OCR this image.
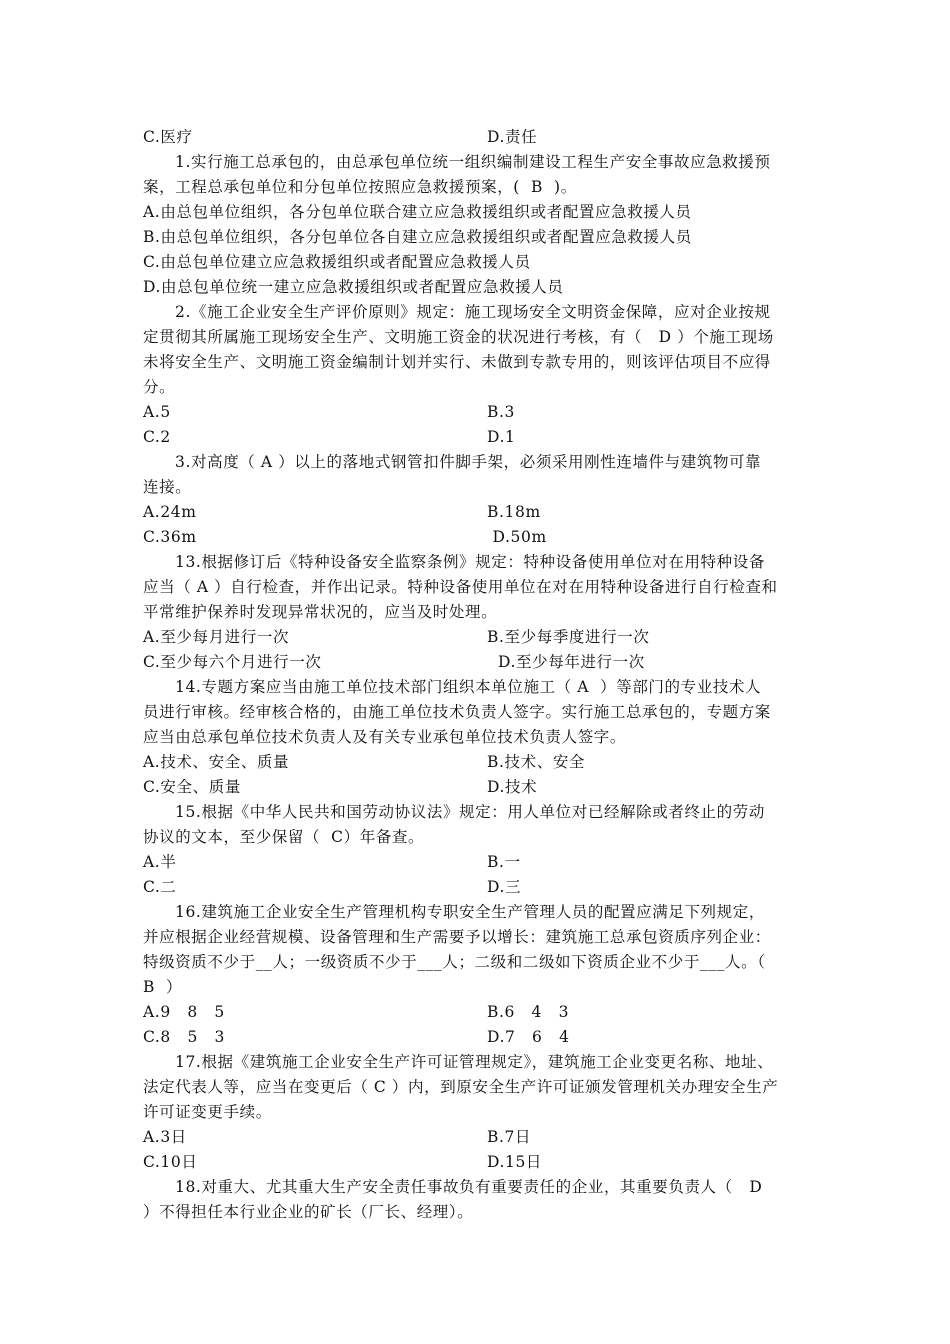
C.医疗	D.责任
1.实行施工总承包的，由总承包单位统一组织编制建设工程生产安全事故应急救援预
案，工程总承包单位和分包单位按照应急救援预案，(  B  )。
A.由总包单位组织，各分包单位联合建立应急救援组织或者配置应急救援人员
B.由总包单位组织，各分包单位各自建立应急救援组织或者配置应急救援人员
C.由总包单位建立应急救援组织或者配置应急救援人员
D.由总包单位统一建立应急救援组织或者配置应急救援人员
2.《施工企业安全生产评价原则》规定：施工现场安全文明资金保障，应对企业按规
定贯彻其所属施工现场安全生产、文明施工资金的状况进行考核，有（   D ）个施工现场
未将安全生产、文明施工资金编制计划并实行、未做到专款专用的，则该评估项目不应得
分。
A.5	B.3
C.2	D.1
3.对高度（ A ）以上的落地式钢管扣件脚手架，必须采用刚性连墙件与建筑物可靠
连接。
A.24m	B.18m
C.36m	D.50m
13.根据修订后《特种设备安全监察条例》规定：特种设备使用单位对在用特种设备
应当（ A ）自行检查，并作出记录。特种设备使用单位在对在用特种设备进行自行检查和
平常维护保养时发现异常状况的，应当及时处理。
A.至少每月进行一次	B.至少每季度进行一次
C.至少每六个月进行一次	D.至少每年进行一次
14.专题方案应当由施工单位技术部门组织本单位施工（ A  ）等部门的专业技术人
员进行审核。经审核合格的，由施工单位技术负责人签字。实行施工总承包的，专题方案
应当由总承包单位技术负责人及有关专业承包单位技术负责人签字。
A.技术、安全、质量	B.技术、安全
C.安全、质量	D.技术
15.根据《中华人民共和国劳动协议法》规定：用人单位对已经解除或者终止的劳动
协议的文本，至少保留（  C）年备查。
A.半	B.一
C.二	D.三
16.建筑施工企业安全生产管理机构专职安全生产管理人员的配置应满足下列规定，
并应根据企业经营规模、设备管理和生产需要予以增长：建筑施工总承包资质序列企业：
特级资质不少于__人；一级资质不少于___人；二级和二级如下资质企业不少于___人。（
B  ）
A.9   8   5	B.6   4   3
C.8   5   3	D.7   6   4
17.根据《建筑施工企业安全生产许可证管理规定》，建筑施工企业变更名称、地址、
法定代表人等，应当在变更后（ C ）内，到原安全生产许可证颁发管理机关办理安全生产
许可证变更手续。
A.3日	B.7日
C.10日	D.15日
18.对重大、尤其重大生产安全责任事故负有重要责任的企业，其重要负责人（   D
）不得担任本行业企业的矿长（厂长、经理）。
